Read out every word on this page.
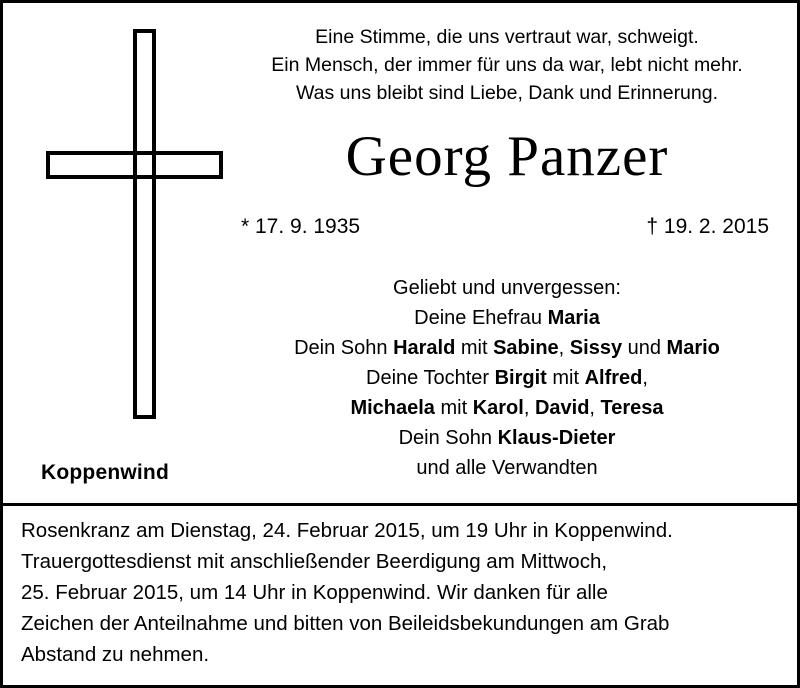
Koppenwind
Eine Stimme, die uns vertraut war, schweigt.
Ein Mensch, der immer für uns da war, lebt nicht mehr.
Was uns bleibt sind Liebe, Dank und Erinnerung.
Georg Panzer
* 17. 9. 1935	† 19. 2. 2015
Geliebt und unvergessen:
Deine Ehefrau Maria
Dein Sohn Harald mit Sabine, Sissy und Mario
Deine Tochter Birgit mit Alfred,
Michaela mit Karol, David, Teresa
Dein Sohn Klaus-Dieter
und alle Verwandten
Rosenkranz am Dienstag, 24. Februar 2015, um 19 Uhr in Koppenwind.
Trauergottesdienst mit anschließender Beerdigung am Mittwoch,
25. Februar 2015, um 14 Uhr in Koppenwind. Wir danken für alle
Zeichen der Anteilnahme und bitten von Beileidsbekundungen am Grab
Abstand zu nehmen.
